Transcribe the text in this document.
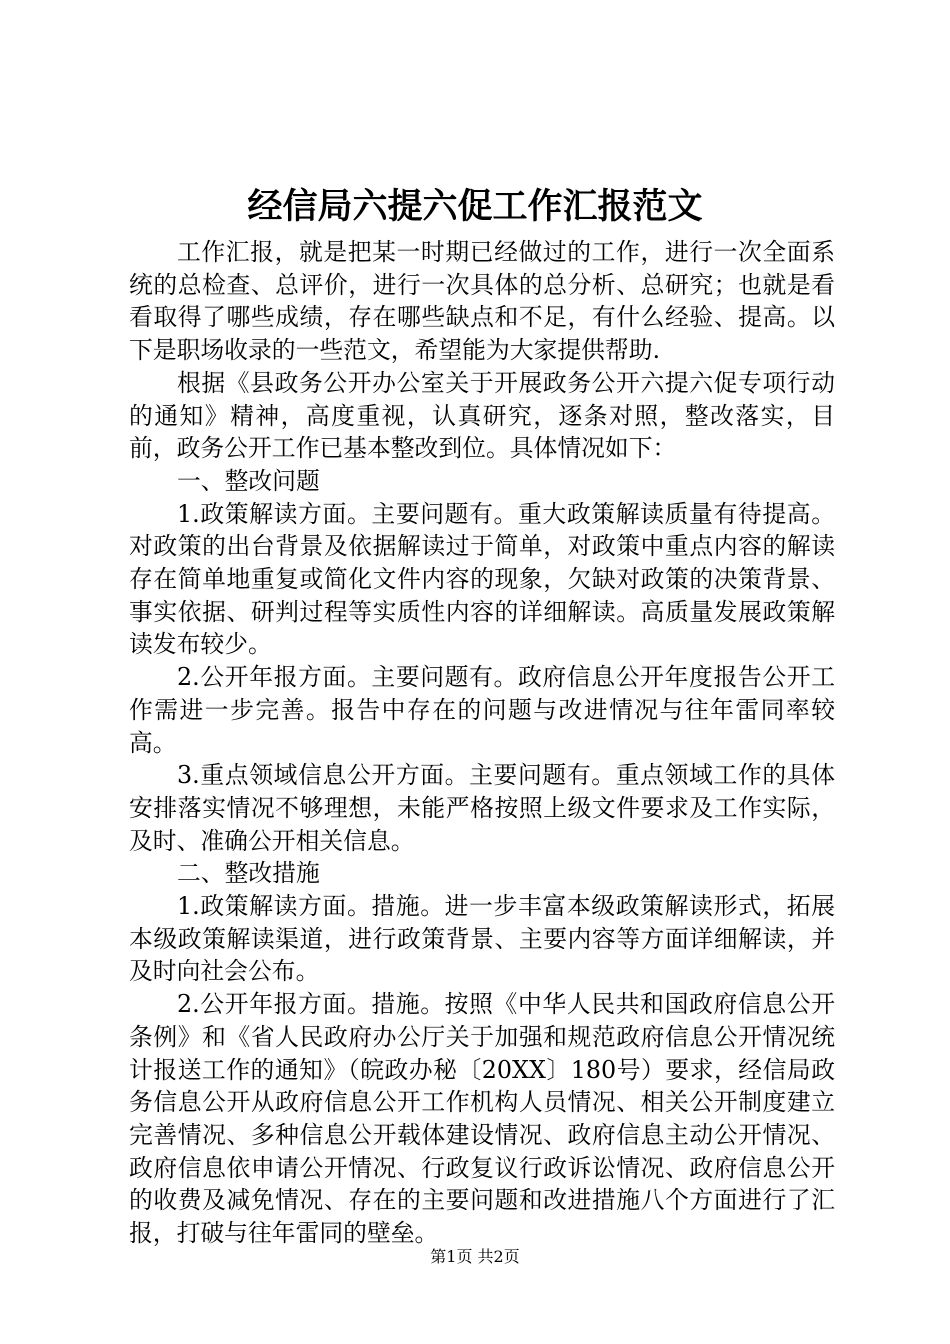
经信局六提六促工作汇报范文

工作汇报，就是把某一时期已经做过的工作，进行一次全面系统的总检查、总评价，进行一次具体的总分析、总研究；也就是看看取得了哪些成绩，存在哪些缺点和不足，有什么经验、提高。以下是职场收录的一些范文，希望能为大家提供帮助.

根据《县政务公开办公室关于开展政务公开六提六促专项行动的通知》精神，高度重视，认真研究，逐条对照，整改落实，目前，政务公开工作已基本整改到位。具体情况如下：

一、整改问题

1.政策解读方面。主要问题有。重大政策解读质量有待提高。对政策的出台背景及依据解读过于简单，对政策中重点内容的解读存在简单地重复或简化文件内容的现象，欠缺对政策的决策背景、事实依据、研判过程等实质性内容的详细解读。高质量发展政策解读发布较少。

2.公开年报方面。主要问题有。政府信息公开年度报告公开工作需进一步完善。报告中存在的问题与改进情况与往年雷同率较高。

3.重点领域信息公开方面。主要问题有。重点领域工作的具体安排落实情况不够理想，未能严格按照上级文件要求及工作实际，及时、准确公开相关信息。

二、整改措施

1.政策解读方面。措施。进一步丰富本级政策解读形式，拓展本级政策解读渠道，进行政策背景、主要内容等方面详细解读，并及时向社会公布。

2.公开年报方面。措施。按照《中华人民共和国政府信息公开条例》和《省人民政府办公厅关于加强和规范政府信息公开情况统计报送工作的通知》（皖政办秘〔20XX〕180号）要求，经信局政务信息公开从政府信息公开工作机构人员情况、相关公开制度建立完善情况、多种信息公开载体建设情况、政府信息主动公开情况、政府信息依申请公开情况、行政复议行政诉讼情况、政府信息公开的收费及减免情况、存在的主要问题和改进措施八个方面进行了汇报，打破与往年雷同的壁垒。

第1页 共2页
